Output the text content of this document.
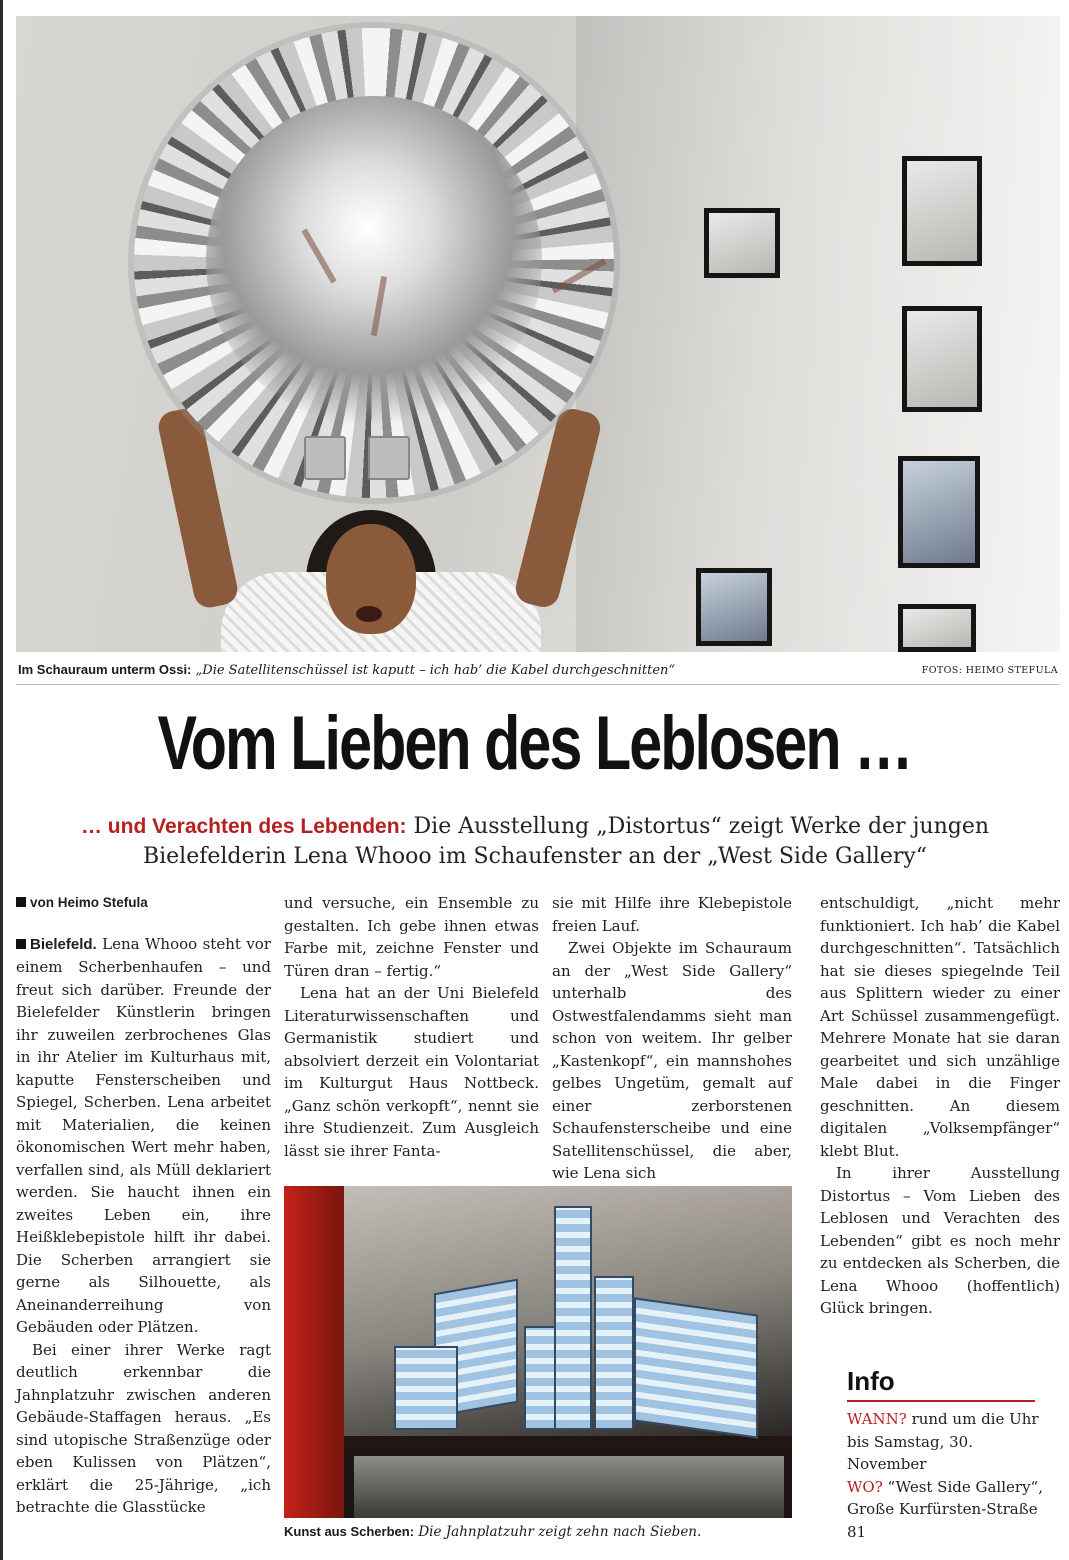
Im Schauraum unterm Ossi: „Die Satellitenschüssel ist kaputt – ich hab’ die Kabel durchgeschnitten“	FOTOS: HEIMO STEFULA
Vom Lieben des Leblosen …
… und Verachten des Lebenden: Die Ausstellung „Distortus“ zeigt Werke der jungen
Bielefelderin Lena Whooo im Schaufenster an der „West Side Gallery“
von Heimo Stefula

Bielefeld. Lena Whooo steht vor einem Scherbenhaufen – und freut sich darüber. Freunde der Bielefelder Künstlerin bringen ihr zuweilen zerbrochenes Glas in ihr Atelier im Kulturhaus mit, kaputte Fensterscheiben und Spiegel, Scherben. Lena arbeitet mit Materialien, die keinen ökonomischen Wert mehr haben, verfallen sind, als Müll deklariert werden. Sie haucht ihnen ein zweites Leben ein, ihre Heißklebepistole hilft ihr dabei. Die Scherben arrangiert sie gerne als Silhouette, als Aneinanderreihung von Gebäuden oder Plätzen.

Bei einer ihrer Werke ragt deutlich erkennbar die Jahnplatzuhr zwischen anderen Gebäude-Staffagen heraus. „Es sind utopische Straßenzüge oder eben Kulissen von Plätzen“, erklärt die 25-Jährige, „ich betrachte die Glasstücke

und versuche, ein Ensemble zu gestalten. Ich gebe ihnen etwas Farbe mit, zeichne Fenster und Türen dran – fertig.“

Lena hat an der Uni Bielefeld Literaturwissenschaften und Germanistik studiert und absolviert derzeit ein Volontariat im Kulturgut Haus Nottbeck. „Ganz schön verkopft“, nennt sie ihre Studienzeit. Zum Ausgleich lässt sie ihrer Fanta-

sie mit Hilfe ihre Klebepistole freien Lauf.

Zwei Objekte im Schauraum an der „West Side Gallery“ unterhalb des Ostwestfalendamms sieht man schon von weitem. Ihr gelber „Kastenkopf“, ein mannshohes gelbes Ungetüm, gemalt auf einer zerborstenen Schaufensterscheibe und eine Satellitenschüssel, die aber, wie Lena sich

entschuldigt, „nicht mehr funktioniert. Ich hab’ die Kabel durchgeschnitten“. Tatsächlich hat sie dieses spiegelnde Teil aus Splittern wieder zu einer Art Schüssel zusammengefügt. Mehrere Monate hat sie daran gearbeitet und sich unzählige Male dabei in die Finger geschnitten. An diesem digitalen „Volksempfänger“ klebt Blut.

In ihrer Ausstellung Distortus – Vom Lieben des Leblosen und Verachten des Lebenden“ gibt es noch mehr zu entdecken als Scherben, die Lena Whooo (hoffentlich) Glück bringen.

Kunst aus Scherben: Die Jahnplatzuhr zeigt zehn nach Sieben.
Info
WANN? rund um die Uhr bis Samstag, 30. November
WO? “West Side Gallery“, Große Kurfürsten-Straße 81
